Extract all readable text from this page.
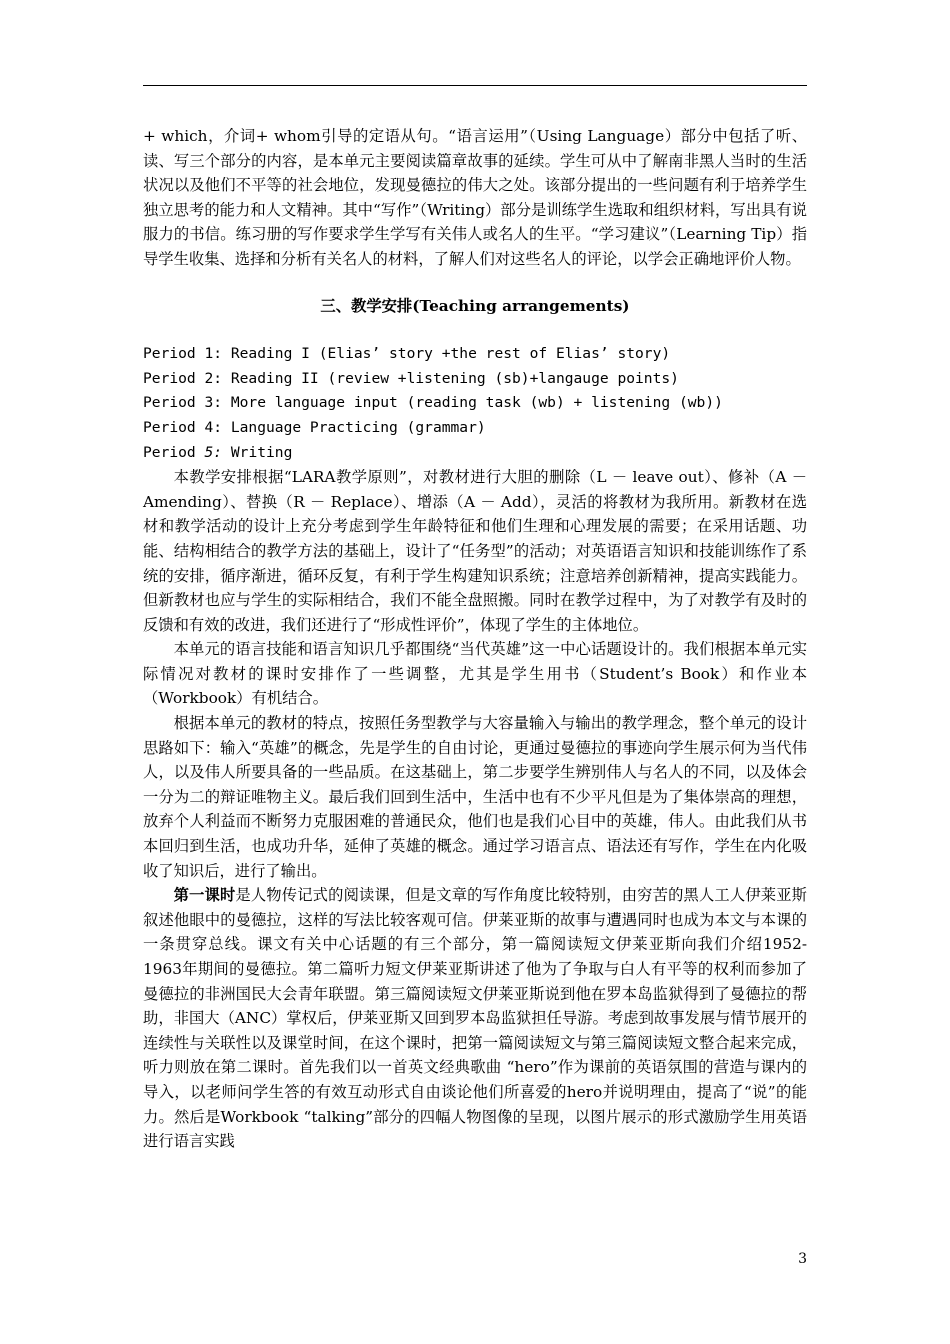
+ which，介词+ whom引导的定语从句。“语言运用”（Using Language）部分中包括了听、读、写三个部分的内容，是本单元主要阅读篇章故事的延续。学生可从中了解南非黑人当时的生活状况以及他们不平等的社会地位，发现曼德拉的伟大之处。该部分提出的一些问题有利于培养学生独立思考的能力和人文精神。其中“写作”（Writing）部分是训练学生选取和组织材料，写出具有说服力的书信。练习册的写作要求学生学写有关伟人或名人的生平。“学习建议”（Learning Tip）指导学生收集、选择和分析有关名人的材料，了解人们对这些名人的评论，以学会正确地评价人物。

三、教学安排(Teaching arrangements)

Period 1: Reading I (Elias’ story +the rest of Elias’ story)

Period 2: Reading II (review +listening (sb)+langauge points)

Period 3: More language input (reading task (wb) + listening (wb))

Period 4: Language Practicing (grammar)

Period 5: Writing

本教学安排根据“LARA教学原则”，对教材进行大胆的删除（L － leave out）、修补（A － Amending）、替换（R － Replace）、增添（A － Add），灵活的将教材为我所用。新教材在选材和教学活动的设计上充分考虑到学生年龄特征和他们生理和心理发展的需要；在采用话题、功能、结构相结合的教学方法的基础上，设计了“任务型”的活动；对英语语言知识和技能训练作了系统的安排，循序渐进，循环反复，有利于学生构建知识系统；注意培养创新精神，提高实践能力。但新教材也应与学生的实际相结合，我们不能全盘照搬。同时在教学过程中，为了对教学有及时的反馈和有效的改进，我们还进行了“形成性评价”，体现了学生的主体地位。

本单元的语言技能和语言知识几乎都围绕“当代英雄”这一中心话题设计的。我们根据本单元实际情况对教材的课时安排作了一些调整，尤其是学生用书（Student’s Book）和作业本（Workbook）有机结合。

根据本单元的教材的特点，按照任务型教学与大容量输入与输出的教学理念，整个单元的设计思路如下：输入“英雄”的概念，先是学生的自由讨论，更通过曼德拉的事迹向学生展示何为当代伟人，以及伟人所要具备的一些品质。在这基础上，第二步要学生辨别伟人与名人的不同，以及体会一分为二的辩证唯物主义。最后我们回到生活中，生活中也有不少平凡但是为了集体崇高的理想，放弃个人利益而不断努力克服困难的普通民众，他们也是我们心目中的英雄，伟人。由此我们从书本回归到生活，也成功升华，延伸了英雄的概念。通过学习语言点、语法还有写作，学生在内化吸收了知识后，进行了输出。

第一课时是人物传记式的阅读课，但是文章的写作角度比较特别，由穷苦的黑人工人伊莱亚斯叙述他眼中的曼德拉，这样的写法比较客观可信。伊莱亚斯的故事与遭遇同时也成为本文与本课的一条贯穿总线。课文有关中心话题的有三个部分，第一篇阅读短文伊莱亚斯向我们介绍1952-1963年期间的曼德拉。第二篇听力短文伊莱亚斯讲述了他为了争取与白人有平等的权利而参加了曼德拉的非洲国民大会青年联盟。第三篇阅读短文伊莱亚斯说到他在罗本岛监狱得到了曼德拉的帮助，非国大（ANC）掌权后，伊莱亚斯又回到罗本岛监狱担任导游。考虑到故事发展与情节展开的连续性与关联性以及课堂时间，在这个课时，把第一篇阅读短文与第三篇阅读短文整合起来完成，听力则放在第二课时。首先我们以一首英文经典歌曲 “hero”作为课前的英语氛围的营造与课内的导入，以老师问学生答的有效互动形式自由谈论他们所喜爱的hero并说明理由，提高了“说”的能力。然后是Workbook “talking”部分的四幅人物图像的呈现，以图片展示的形式激励学生用英语进行语言实践

3
